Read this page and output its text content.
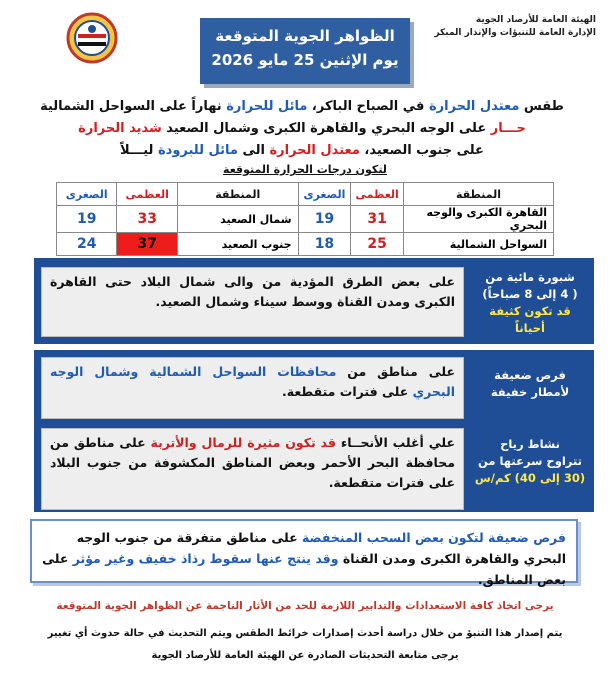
الهيئة العامة للأرصاد الجوية
الإدارة العامة للتنبؤات والإنذار المبكر
الظواهر الجوية المتوقعة
يوم الإثنين 25 مايو 2026
طقس معتدل الحرارة في الصباح الباكر، مائل للحرارة نهاراً على السواحل الشمالية
حـــار على الوجه البحري والقاهرة الكبرى وشمال الصعيد شديد الحرارة
على جنوب الصعيد، معتدل الحرارة الى مائل للبرودة ليـــلاً
لتكون درجات الحرارة المتوقعة
المنطقة	العظمى	الصغرى	المنطقة	العظمى	الصغرى
القاهرة الكبرى والوجه البحري	31	19	شمال الصعيد	33	19
السواحل الشمالية	25	18	جنوب الصعيد	37	24
على بعض الطرق المؤدية من والى شمال البلاد حتى القاهرة الكبرى ومدن القناة ووسط سيناء وشمال الصعيد.
شبورة مائية من
( 4 إلى 8 صباحاً)
قد تكون كثيفة أحياناً
على مناطق من محافظات السواحل الشمالية وشمال الوجه البحري على فترات متقطعة.
فرص ضعيفة
لأمطار خفيفة
علي أغلب الأنحــاء قد تكون مثيرة للرمال والأتربة على مناطق من محافظة البحر الأحمر وبعض المناطق المكشوفة من جنوب البلاد على فترات متقطعة.
نشاط رياح
تتراوح سرعتها من
(30 إلى 40) كم/س
فرص ضعيفة لتكون بعض السحب المنخفضة على مناطق متفرقة من جنوب الوجه البحري والقاهرة الكبرى ومدن القناة وقد ينتج عنها سقوط رذاذ خفيف وغير مؤثر على بعض المناطق.
يرجى اتخاذ كافة الاستعدادات والتدابير اللازمة للحد من الأثار الناجمة عن الظواهر الجوية المتوقعة
يتم إصدار هذا التنبؤ من خلال دراسة أحدث إصدارات خرائط الطقس ويتم التحديث في حالة حدوث أي تغيير
يرجى متابعة التحديثات الصادرة عن الهيئة العامة للأرصاد الجوية
